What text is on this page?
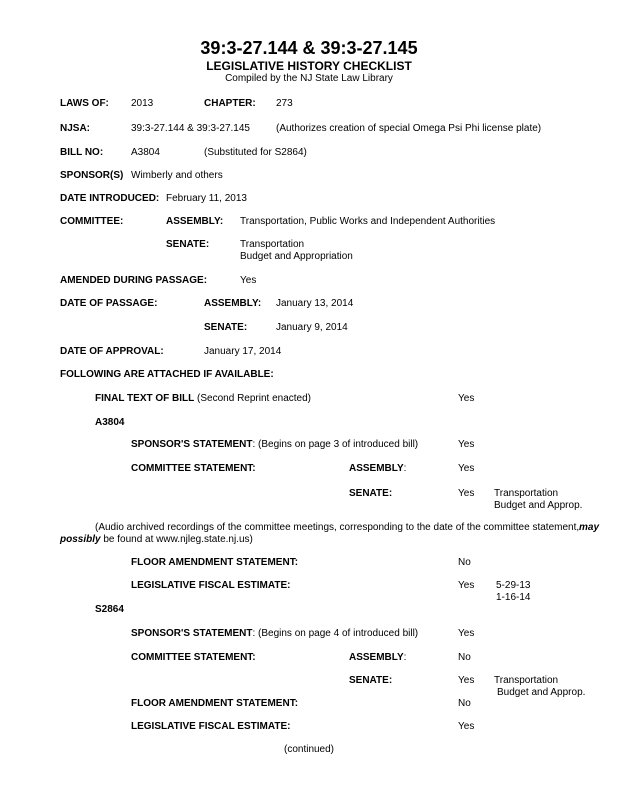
39:3-27.144 & 39:3-27.145
LEGISLATIVE HISTORY CHECKLIST
Compiled by the NJ State Law Library
LAWS OF: 2013	CHAPTER: 273
NJSA:	39:3-27.144 & 39:3-27.145	(Authorizes creation of special Omega Psi Phi license plate)
BILL NO:	A3804	(Substituted for S2864)
SPONSOR(S) Wimberly and others
DATE INTRODUCED: February 11, 2013
COMMITTEE:	ASSEMBLY: Transportation, Public Works and Independent Authorities
SENATE:	Transportation
Budget and Appropriation
AMENDED DURING PASSAGE:	Yes
DATE OF PASSAGE:	ASSEMBLY: January 13, 2014
SENATE:	January 9, 2014
DATE OF APPROVAL:	January 17, 2014
FOLLOWING ARE ATTACHED IF AVAILABLE:
FINAL TEXT OF BILL (Second Reprint enacted)	Yes
A3804
SPONSOR'S STATEMENT: (Begins on page 3 of introduced bill)	Yes
COMMITTEE STATEMENT:	ASSEMBLY:	Yes
SENATE:	Yes Transportation
Budget and Approp.
(Audio archived recordings of the committee meetings, corresponding to the date of the committee statement, may
possibly be found at www.njleg.state.nj.us)
FLOOR AMENDMENT STATEMENT:	No
LEGISLATIVE FISCAL ESTIMATE:	Yes 5-29-13
1-16-14
S2864
SPONSOR'S STATEMENT: (Begins on page 4 of introduced bill)	Yes
COMMITTEE STATEMENT:	ASSEMBLY:	No
SENATE:	Yes Transportation
Budget and Approp.
FLOOR AMENDMENT STATEMENT:	No
LEGISLATIVE FISCAL ESTIMATE:	Yes
(continued)
